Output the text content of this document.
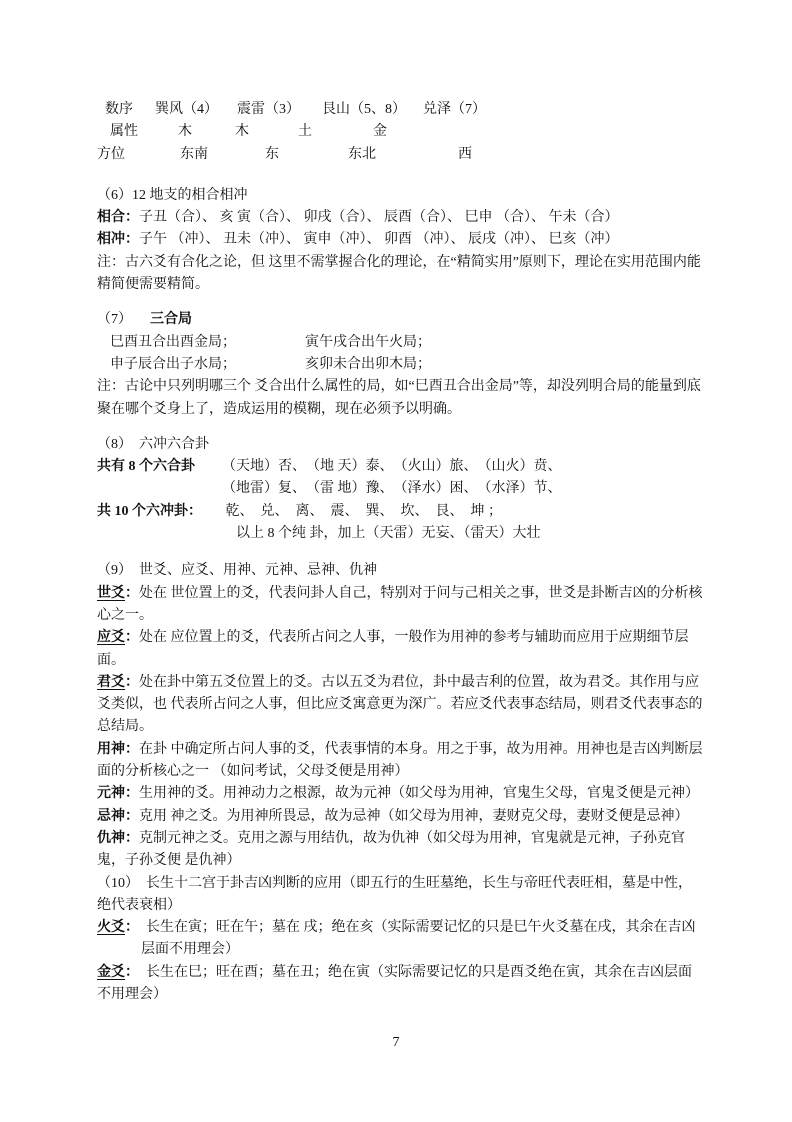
数序 巽风（4） 震雷（3） 艮山（5、8） 兑泽（7）
属性	木	木	土	金
方位	东南	东	东北	西

（6）12 地支的相合相冲

相合：子丑（合）、 亥 寅（合）、 卯戌（合）、 辰酉（合）、 巳申 （合）、 午未（合）

相冲：子午 （冲）、 丑未（冲）、 寅申（冲）、 卯酉 （冲）、 辰戌（冲）、 巳亥（冲）

注：古六爻有合化之论，但 这里不需掌握合化的理论，在“精简实用”原则下，理论在实用范围内能精简便需要精简。

（7） 三合局

巳酉丑合出酉金局；	寅午戌合出午火局；

申子辰合出子水局；	亥卯未合出卯木局；

注：古论中只列明哪三个 爻合出什么属性的局，如“巳酉丑合出金局”等，却没列明合局的能量到底聚在哪个爻身上了，造成运用的模糊，现在必须予以明确。

（8）　六冲六合卦

共有 8 个六合卦 （天地）否、　（地 天）泰、　（火山）旅、　（山火）贲、

（地雷）复、　（雷 地）豫、　（泽水）困、　（水泽）节、

共 10 个六冲卦： 乾、　兑、　离、　震、　巽、　坎、　艮、　坤 ；

　以上 8 个纯 卦，加上（天雷）无妄、（雷天）大壮

（9）　世爻、应爻、用神、元神、忌神、仇神

世爻：处在 世位置上的爻，代表问卦人自己，特别对于问与己相关之事，世爻是卦断吉凶的分析核心之一。

应爻：处在 应位置上的爻，代表所占问之人事，一般作为用神的参考与辅助而应用于应期细节层面。

君爻：处在卦中第五爻位置上的爻。古以五爻为君位，卦中最吉利的位置，故为君爻。其作用与应爻类似，也 代表所占问之人事，但比应爻寓意更为深广。若应爻代表事态结局，则君爻代表事态的总结局。

用神：在卦 中确定所占问人事的爻，代表事情的本身。用之于事，故为用神。用神也是吉凶判断层面的分析核心之一 （如问考试，父母爻便是用神）

元神：生用神的爻。用神动力之根源，故为元神（如父母为用神，官鬼生父母，官鬼爻便是元神）

忌神：克用 神之爻。为用神所畏忌，故为忌神（如父母为用神，妻财克父母，妻财爻便是忌神）

仇神：克制元神之爻。克用之源与用结仇，故为仇神（如父母为用神，官鬼就是元神，子孙克官鬼，子孙爻便 是仇神）

（10）　长生十二宫于卦吉凶判断的应用（即五行的生旺墓绝，长生与帝旺代表旺相，墓是中性，绝代表衰相）

火爻：　长生在寅；旺在午；墓在 戌；绝在亥（实际需要记忆的只是巳午火爻墓在戌，其余在吉凶层面不用理会）

金爻：　长生在巳；旺在酉；墓在丑；绝在寅（实际需要记忆的只是酉爻绝在寅，其余在吉凶层面不用理会）

7
